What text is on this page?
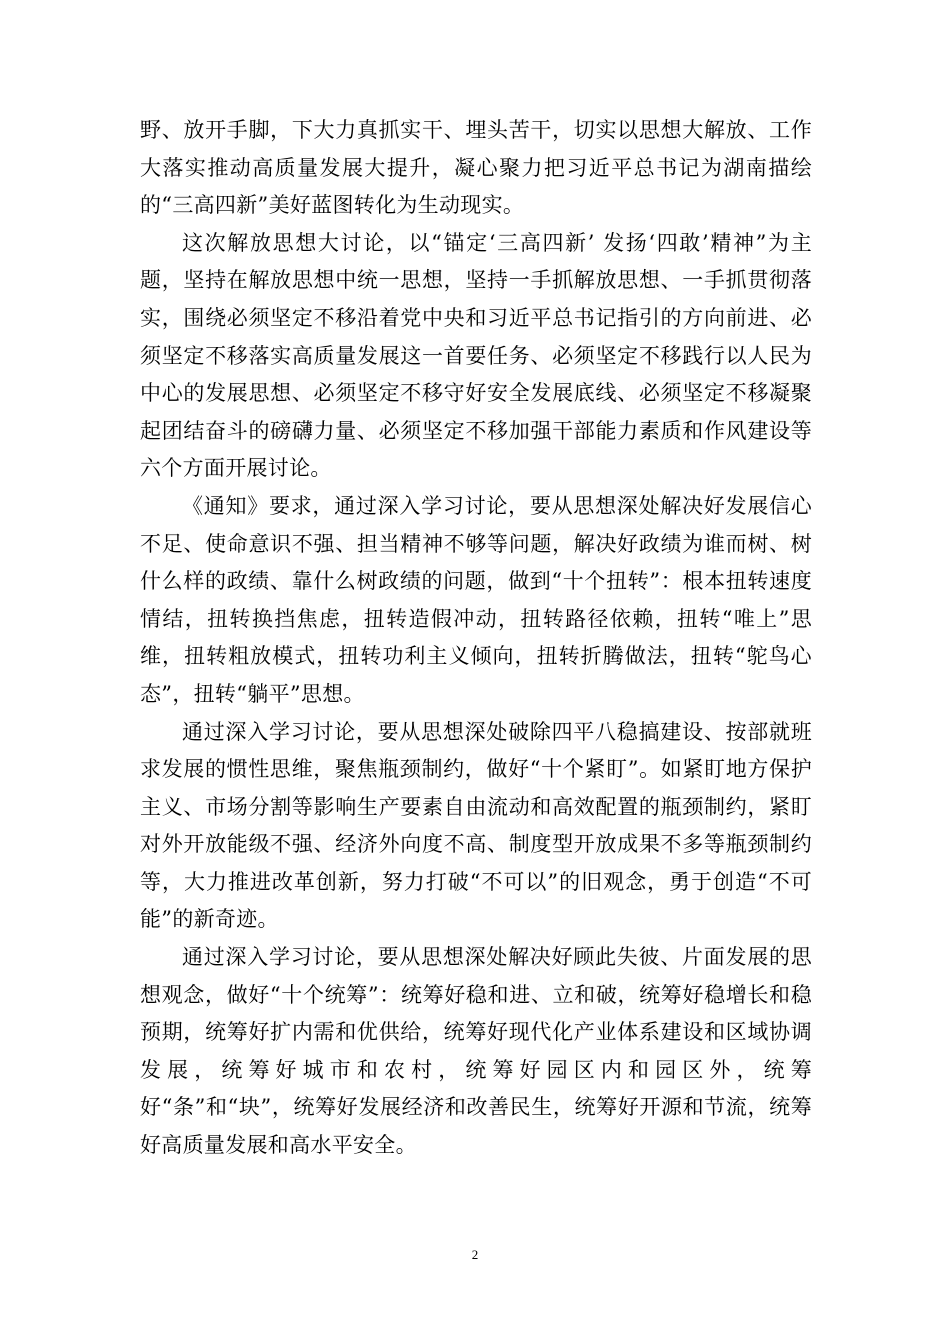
野、放开手脚，下大力真抓实干、埋头苦干，切实以思想大解放、工作大落实推动高质量发展大提升，凝心聚力把习近平总书记为湖南描绘的“三高四新”美好蓝图转化为生动现实。

这次解放思想大讨论，以“锚定‘三高四新’ 发扬‘四敢’精神”为主题，坚持在解放思想中统一思想，坚持一手抓解放思想、一手抓贯彻落实，围绕必须坚定不移沿着党中央和习近平总书记指引的方向前进、必须坚定不移落实高质量发展这一首要任务、必须坚定不移践行以人民为中心的发展思想、必须坚定不移守好安全发展底线、必须坚定不移凝聚起团结奋斗的磅礴力量、必须坚定不移加强干部能力素质和作风建设等六个方面开展讨论。

《通知》要求，通过深入学习讨论，要从思想深处解决好发展信心不足、使命意识不强、担当精神不够等问题，解决好政绩为谁而树、树什么样的政绩、靠什么树政绩的问题，做到“十个扭转”：根本扭转速度情结，扭转换挡焦虑，扭转造假冲动，扭转路径依赖，扭转“唯上”思维，扭转粗放模式，扭转功利主义倾向，扭转折腾做法，扭转“鸵鸟心态”，扭转“躺平”思想。

通过深入学习讨论，要从思想深处破除四平八稳搞建设、按部就班求发展的惯性思维，聚焦瓶颈制约，做好“十个紧盯”。如紧盯地方保护主义、市场分割等影响生产要素自由流动和高效配置的瓶颈制约，紧盯对外开放能级不强、经济外向度不高、制度型开放成果不多等瓶颈制约等，大力推进改革创新，努力打破“不可以”的旧观念，勇于创造“不可能”的新奇迹。

通过深入学习讨论，要从思想深处解决好顾此失彼、片面发展的思想观念，做好“十个统筹”：统筹好稳和进、立和破，统筹好稳增长和稳预期，统筹好扩内需和优供给，统筹好现代化产业体系建设和区域协调发展，统筹好城市和农村，统筹好园区内和园区外，统筹好“条”和“块”，统筹好发展经济和改善民生，统筹好开源和节流，统筹好高质量发展和高水平安全。

2
